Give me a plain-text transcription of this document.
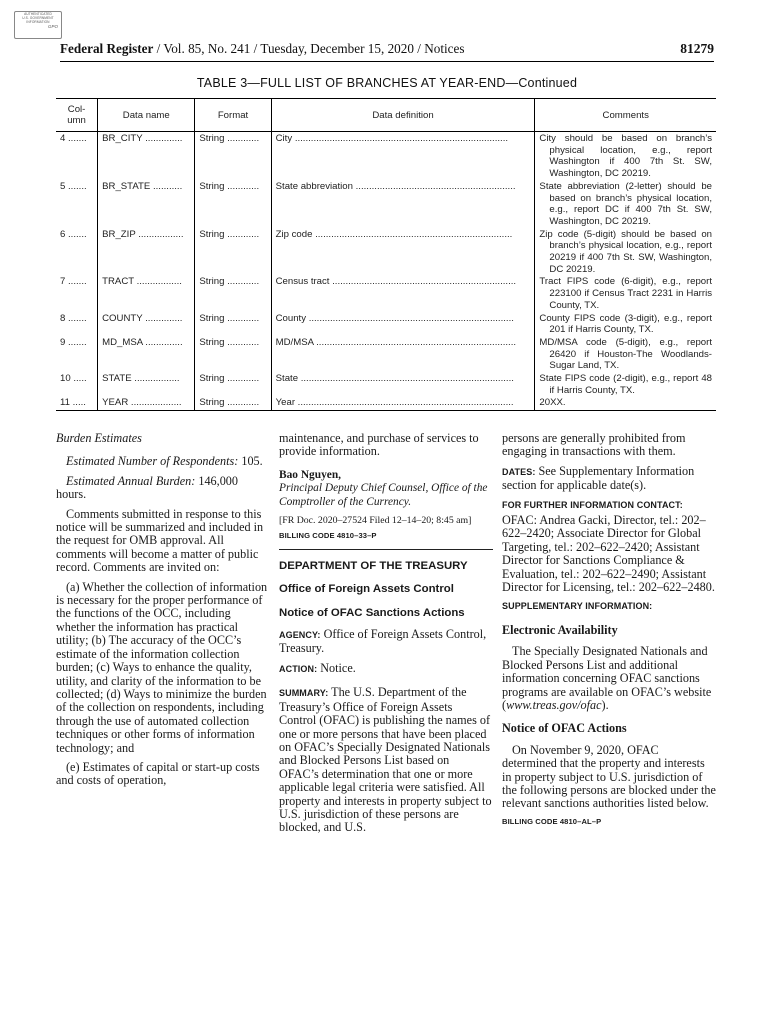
AUTHENTICATED
U.S. GOVERNMENT
INFORMATION
GPO
Federal Register / Vol. 85, No. 241 / Tuesday, December 15, 2020 / Notices	81279
TABLE 3—FULL LIST OF BRANCHES AT YEAR-END—Continued
Col-umn	Data name	Format	Data definition	Comments
4 .......	BR_CITY ..............	String ............	City ................................................................................	City should be based on branch’s physical location, e.g., report Washington if 400 7th St. SW, Washington, DC 20219.
5 .......	BR_STATE ...........	String ............	State abbreviation ............................................................	State abbreviation (2-letter) should be based on branch’s physical location, e.g., report DC if 400 7th St. SW, Washington, DC 20219.
6 .......	BR_ZIP .................	String ............	Zip code ..........................................................................	Zip code (5-digit) should be based on branch’s physical location, e.g., report 20219 if 400 7th St. SW, Washington, DC 20219.
7 .......	TRACT .................	String ............	Census tract .....................................................................	Tract FIPS code (6-digit), e.g., report 223100 if Census Tract 2231 in Harris County, TX.
8 .......	COUNTY ..............	String ............	County .............................................................................	County FIPS code (3-digit), e.g., report 201 if Harris County, TX.
9 .......	MD_MSA ..............	String ............	MD/MSA ...........................................................................	MD/MSA code (5-digit), e.g., report 26420 if Houston-The Woodlands-Sugar Land, TX.
10 .....	STATE .................	String ............	State ................................................................................	State FIPS code (2-digit), e.g., report 48 if Harris County, TX.
11 .....	YEAR ...................	String ............	Year .................................................................................	20XX.

Burden Estimates

Estimated Number of Respondents: 105.

Estimated Annual Burden: 146,000 hours.

Comments submitted in response to this notice will be summarized and included in the request for OMB approval. All comments will become a matter of public record. Comments are invited on:

(a) Whether the collection of information is necessary for the proper performance of the functions of the OCC, including whether the information has practical utility; (b) The accuracy of the OCC’s estimate of the information collection burden; (c) Ways to enhance the quality, utility, and clarity of the information to be collected; (d) Ways to minimize the burden of the collection on respondents, including through the use of automated collection techniques or other forms of information technology; and

(e) Estimates of capital or start-up costs and costs of operation,

maintenance, and purchase of services to provide information.

Bao Nguyen,

Principal Deputy Chief Counsel, Office of the Comptroller of the Currency.

[FR Doc. 2020–27524 Filed 12–14–20; 8:45 am]

BILLING CODE 4810–33–P

DEPARTMENT OF THE TREASURY

Office of Foreign Assets Control

Notice of OFAC Sanctions Actions

AGENCY: Office of Foreign Assets Control, Treasury.

ACTION: Notice.

SUMMARY: The U.S. Department of the Treasury’s Office of Foreign Assets Control (OFAC) is publishing the names of one or more persons that have been placed on OFAC’s Specially Designated Nationals and Blocked Persons List based on OFAC’s determination that one or more applicable legal criteria were satisfied. All property and interests in property subject to U.S. jurisdiction of these persons are blocked, and U.S.

persons are generally prohibited from engaging in transactions with them.

DATES: See Supplementary Information section for applicable date(s).

FOR FURTHER INFORMATION CONTACT:

OFAC: Andrea Gacki, Director, tel.: 202–622–2420; Associate Director for Global Targeting, tel.: 202–622–2420; Assistant Director for Sanctions Compliance & Evaluation, tel.: 202–622–2490; Assistant Director for Licensing, tel.: 202–622–2480.

SUPPLEMENTARY INFORMATION:

Electronic Availability

The Specially Designated Nationals and Blocked Persons List and additional information concerning OFAC sanctions programs are available on OFAC’s website (www.treas.gov/ofac).

Notice of OFAC Actions

On November 9, 2020, OFAC determined that the property and interests in property subject to U.S. jurisdiction of the following persons are blocked under the relevant sanctions authorities listed below.

BILLING CODE 4810–AL–P
